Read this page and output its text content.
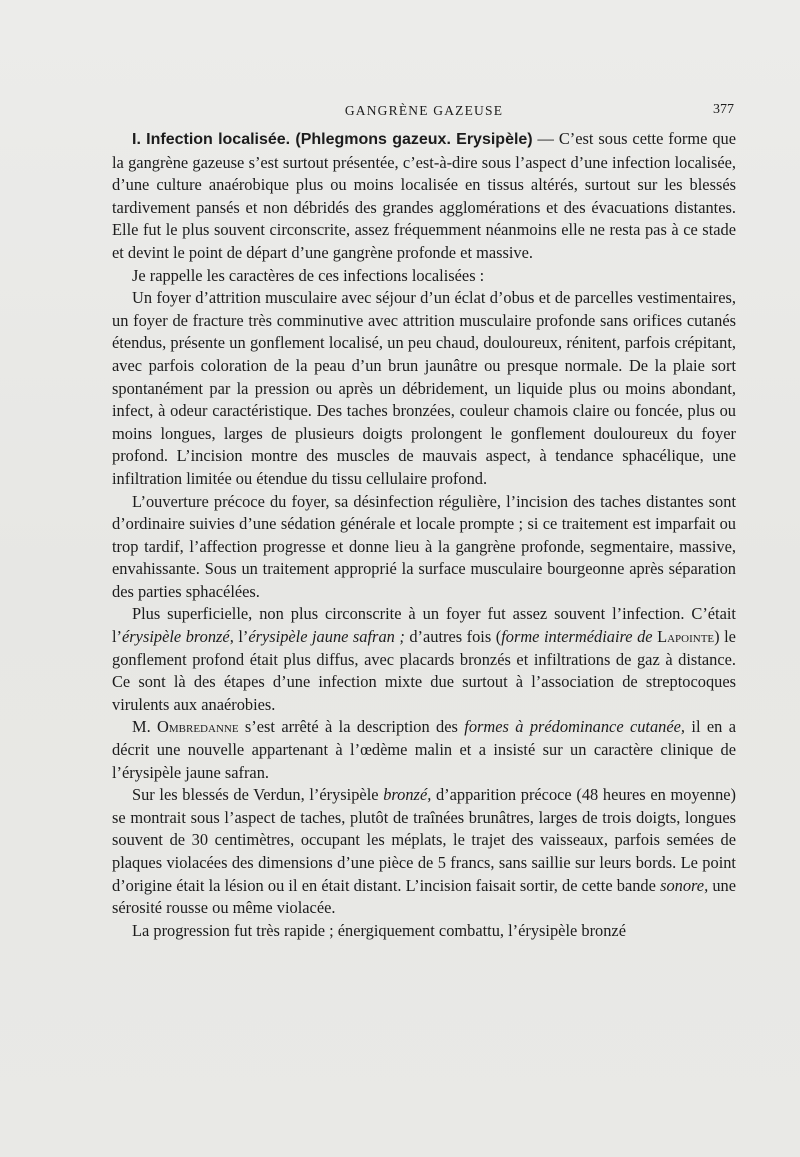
GANGRÈNE GAZEUSE	377

I. Infection localisée. (Phlegmons gazeux. Erysipèle) — C’est sous cette forme que la gangrène gazeuse s’est surtout présentée, c’est-à-dire sous l’aspect d’une infection localisée, d’une culture anaérobique plus ou moins localisée en tissus altérés, surtout sur les blessés tardivement pansés et non débridés des grandes agglomérations et des évacuations distantes. Elle fut le plus souvent circonscrite, assez fréquemment néanmoins elle ne resta pas à ce stade et devint le point de départ d’une gangrène profonde et massive.

Je rappelle les caractères de ces infections localisées :

Un foyer d’attrition musculaire avec séjour d’un éclat d’obus et de parcelles vestimentaires, un foyer de fracture très comminutive avec attrition musculaire profonde sans orifices cutanés étendus, présente un gonflement localisé, un peu chaud, douloureux, rénitent, parfois crépitant, avec parfois coloration de la peau d’un brun jaunâtre ou presque normale. De la plaie sort spontanément par la pression ou après un débridement, un liquide plus ou moins abondant, infect, à odeur caractéristique. Des taches bronzées, couleur chamois claire ou foncée, plus ou moins longues, larges de plusieurs doigts prolongent le gonflement douloureux du foyer profond. L’incision montre des muscles de mauvais aspect, à tendance sphacélique, une infiltration limitée ou étendue du tissu cellulaire profond.

L’ouverture précoce du foyer, sa désinfection régulière, l’incision des taches distantes sont d’ordinaire suivies d’une sédation générale et locale prompte ; si ce traitement est imparfait ou trop tardif, l’affection progresse et donne lieu à la gangrène profonde, segmentaire, massive, envahissante. Sous un traitement approprié la surface musculaire bourgeonne après séparation des parties sphacélées.

Plus superficielle, non plus circonscrite à un foyer fut assez souvent l’infection. C’était l’érysipèle bronzé, l’érysipèle jaune safran ; d’autres fois (forme intermédiaire de Lapointe) le gonflement profond était plus diffus, avec placards bronzés et infiltrations de gaz à distance. Ce sont là des étapes d’une infection mixte due surtout à l’association de streptocoques virulents aux anaérobies.

M. Ombredanne s’est arrêté à la description des formes à prédominance cutanée, il en a décrit une nouvelle appartenant à l’œdème malin et a insisté sur un caractère clinique de l’érysipèle jaune safran.

Sur les blessés de Verdun, l’érysipèle bronzé, d’apparition précoce (48 heures en moyenne) se montrait sous l’aspect de taches, plutôt de traînées brunâtres, larges de trois doigts, longues souvent de 30 centimètres, occupant les méplats, le trajet des vaisseaux, parfois semées de plaques violacées des dimensions d’une pièce de 5 francs, sans saillie sur leurs bords. Le point d’origine était la lésion ou il en était distant. L’incision faisait sortir, de cette bande sonore, une sérosité rousse ou même violacée.

La progression fut très rapide ; énergiquement combattu, l’érysipèle bronzé
